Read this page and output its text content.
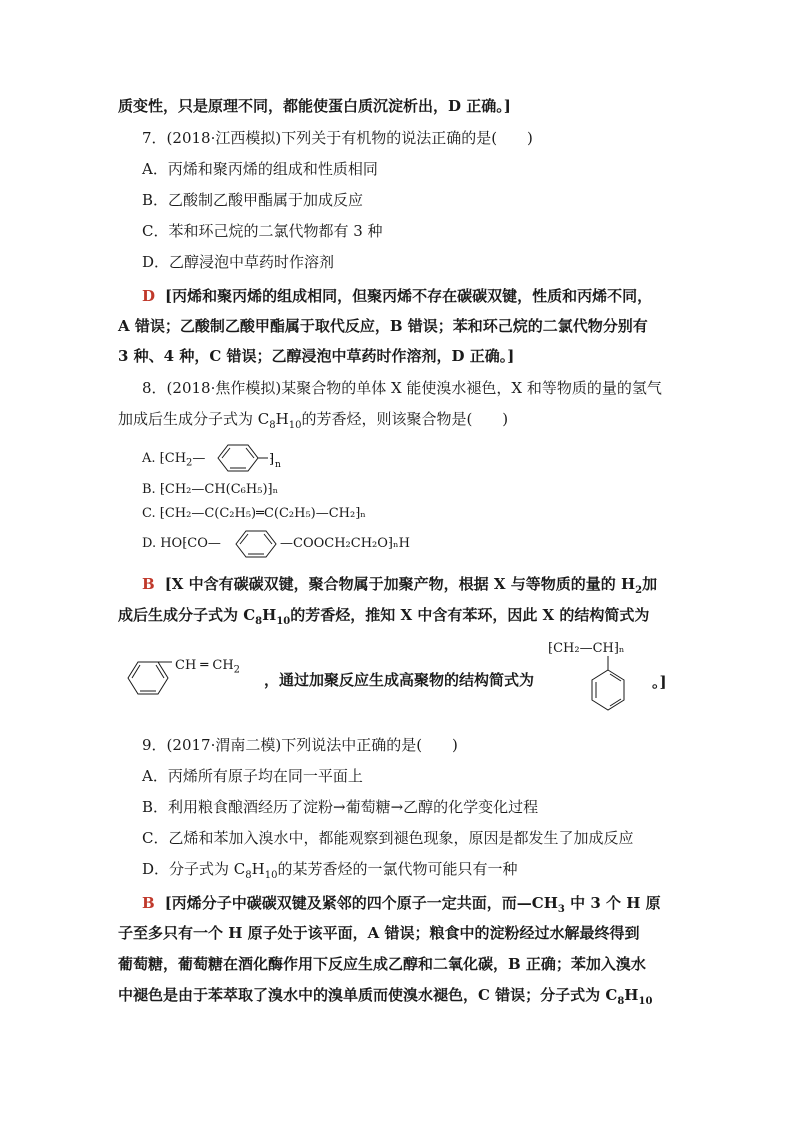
质变性，只是原理不同，都能使蛋白质沉淀析出，D 正确。]
7．(2018·江西模拟)下列关于有机物的说法正确的是(　　)
A．丙烯和聚丙烯的组成和性质相同
B．乙酸制乙酸甲酯属于加成反应
C．苯和环己烷的二氯代物都有 3 种
D．乙醇浸泡中草药时作溶剂
D [丙烯和聚丙烯的组成相同，但聚丙烯不存在碳碳双键，性质和丙烯不同，
A 错误；乙酸制乙酸甲酯属于取代反应，B 错误；苯和环己烷的二氯代物分别有
3 种、4 种，C 错误；乙醇浸泡中草药时作溶剂，D 正确。]
8．(2018·焦作模拟)某聚合物的单体 X 能使溴水褪色，X 和等物质的量的氢气
加成后生成分子式为 $C_8H_{10}$的芳香烃，则该聚合物是(　　)
A. $⁅CH_2—$	⁆ n
B. ⁅CH₂—CH(C₆H₅)⁆ₙ
C. ⁅CH₂—C(C₂H₅)═C(C₂H₅)—CH₂⁆ₙ
D. HO⁅CO—	—COOCH₂CH₂O⁆ₙH
B [X 中含有碳碳双键，聚合物属于加聚产物，根据 X 与等物质的量的 $H_2$加
成后生成分子式为 $C_8H_{10}$的芳香烃，推知 X 中含有苯环，因此 X 的结构简式为
CH ═ $CH_2$
，通过加聚反应生成高聚物的结构简式为
⁅CH₂—CH⁆ₙ
。]
9．(2017·渭南二模)下列说法中正确的是(　　)
A．丙烯所有原子均在同一平面上
B．利用粮食酿酒经历了淀粉→葡萄糖→乙醇的化学变化过程
C．乙烯和苯加入溴水中，都能观察到褪色现象，原因是都发生了加成反应
D．分子式为 $C_8H_{10}$的某芳香烃的一氯代物可能只有一种
B [丙烯分子中碳碳双键及紧邻的四个原子一定共面，而$—CH_3$ 中 3 个 H 原
子至多只有一个 H 原子处于该平面，A 错误；粮食中的淀粉经过水解最终得到
葡萄糖，葡萄糖在酒化酶作用下反应生成乙醇和二氧化碳，B 正确；苯加入溴水
中褪色是由于苯萃取了溴水中的溴单质而使溴水褪色，C 错误；分子式为 $C_8H_{10}$
